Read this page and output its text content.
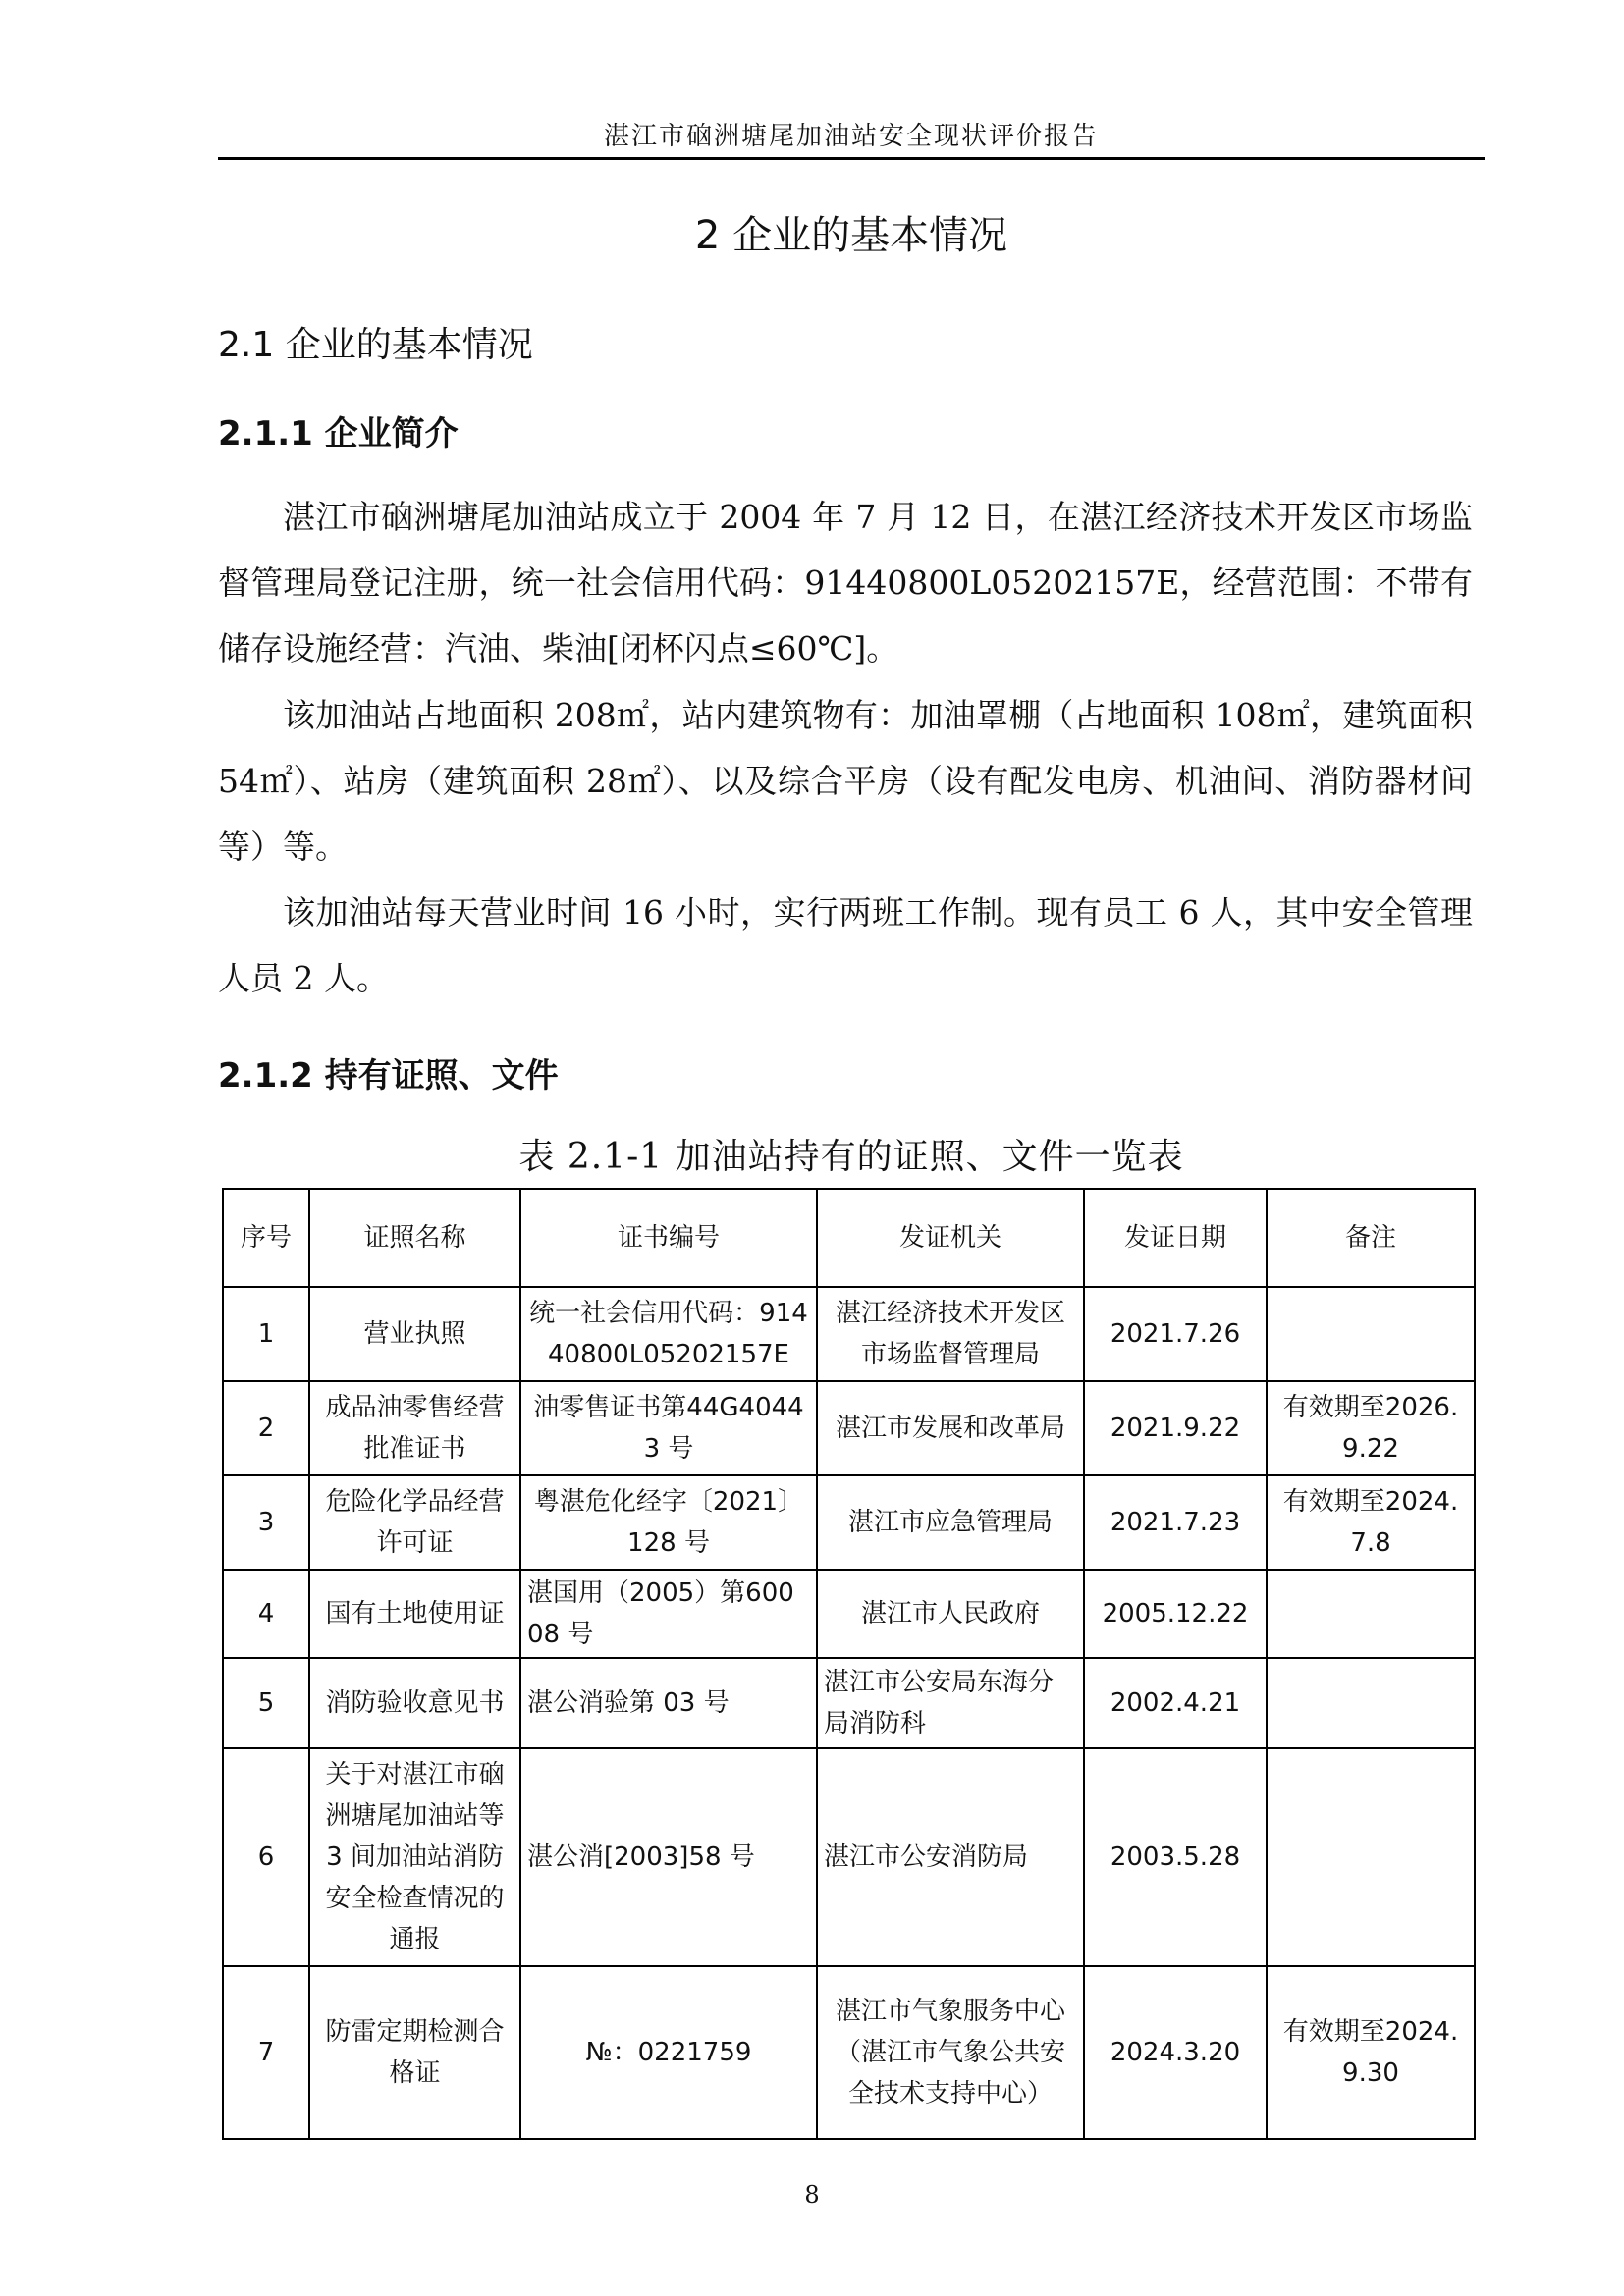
湛江市硇洲塘尾加油站安全现状评价报告
2 企业的基本情况
2.1 企业的基本情况
2.1.1 企业简介

湛江市硇洲塘尾加油站成立于 2004 年 7 月 12 日，在湛江经济技术开发区市场监督管理局登记注册，统一社会信用代码：91440800L05202157E，经营范围：不带有储存设施经营：汽油、柴油[闭杯闪点≤60℃]。

该加油站占地面积 208㎡，站内建筑物有：加油罩棚（占地面积 108㎡，建筑面积 54㎡）、站房（建筑面积 28㎡）、以及综合平房（设有配发电房、机油间、消防器材间等）等。

该加油站每天营业时间 16 小时，实行两班工作制。现有员工 6 人，其中安全管理人员 2 人。

2.1.2 持有证照、文件
表 2.1-1 加油站持有的证照、文件一览表
序号	证照名称	证书编号	发证机关	发证日期	备注
1	营业执照	统一社会信用代码：91440800L05202157E	湛江经济技术开发区市场监督管理局	2021.7.26	
2	成品油零售经营批准证书	油零售证书第44G40443 号	湛江市发展和改革局	2021.9.22	有效期至2026.9.22
3	危险化学品经营许可证	粤湛危化经字〔2021〕128 号	湛江市应急管理局	2021.7.23	有效期至2024.7.8
4	国有土地使用证	湛国用（2005）第60008 号	湛江市人民政府	2005.12.22	
5	消防验收意见书	湛公消验第 03 号	湛江市公安局东海分局消防科	2002.4.21	
6	关于对湛江市硇洲塘尾加油站等 3 间加油站消防安全检查情况的通报	湛公消[2003]58 号	湛江市公安消防局	2003.5.28	
7	防雷定期检测合格证	№：0221759	湛江市气象服务中心（湛江市气象公共安全技术支持中心）	2024.3.20	有效期至2024.9.30
8
